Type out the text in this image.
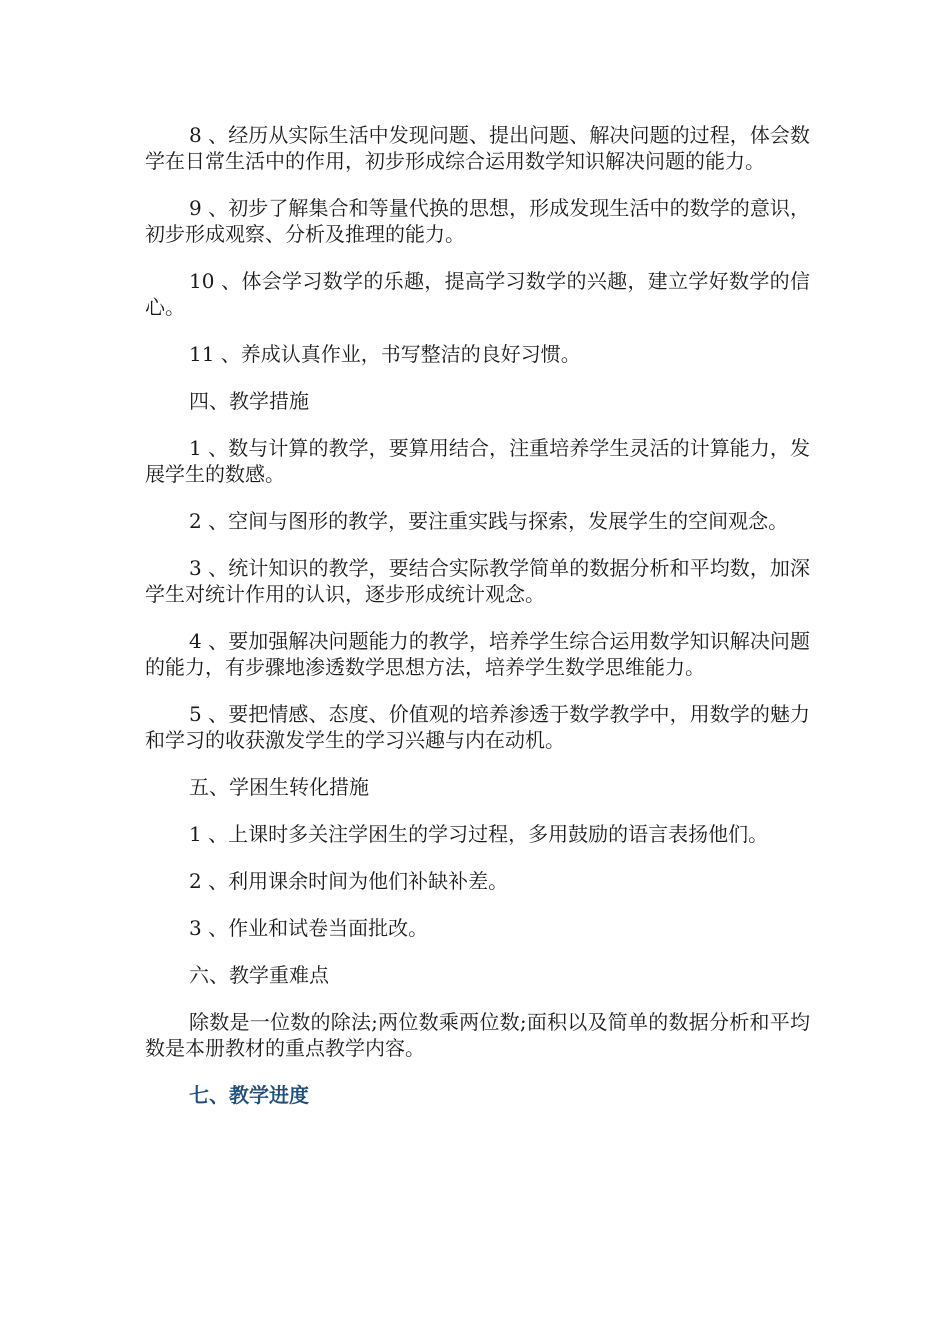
8 、经历从实际生活中发现问题、提出问题、解决问题的过程，体会数学在日常生活中的作用，初步形成综合运用数学知识解决问题的能力。

9 、初步了解集合和等量代换的思想，形成发现生活中的数学的意识，初步形成观察、分析及推理的能力。

10 、体会学习数学的乐趣，提高学习数学的兴趣，建立学好数学的信心。

11 、养成认真作业，书写整洁的良好习惯。

四、教学措施

1 、数与计算的教学，要算用结合，注重培养学生灵活的计算能力，发展学生的数感。

2 、空间与图形的教学，要注重实践与探索，发展学生的空间观念。

3 、统计知识的教学，要结合实际教学简单的数据分析和平均数，加深学生对统计作用的认识，逐步形成统计观念。

4 、要加强解决问题能力的教学，培养学生综合运用数学知识解决问题的能力，有步骤地渗透数学思想方法，培养学生数学思维能力。

5 、要把情感、态度、价值观的培养渗透于数学教学中，用数学的魅力和学习的收获激发学生的学习兴趣与内在动机。

五、学困生转化措施

1 、上课时多关注学困生的学习过程，多用鼓励的语言表扬他们。

2 、利用课余时间为他们补缺补差。

3 、作业和试卷当面批改。

六、教学重难点

除数是一位数的除法;两位数乘两位数;面积以及简单的数据分析和平均数是本册教材的重点教学内容。

七、教学进度
